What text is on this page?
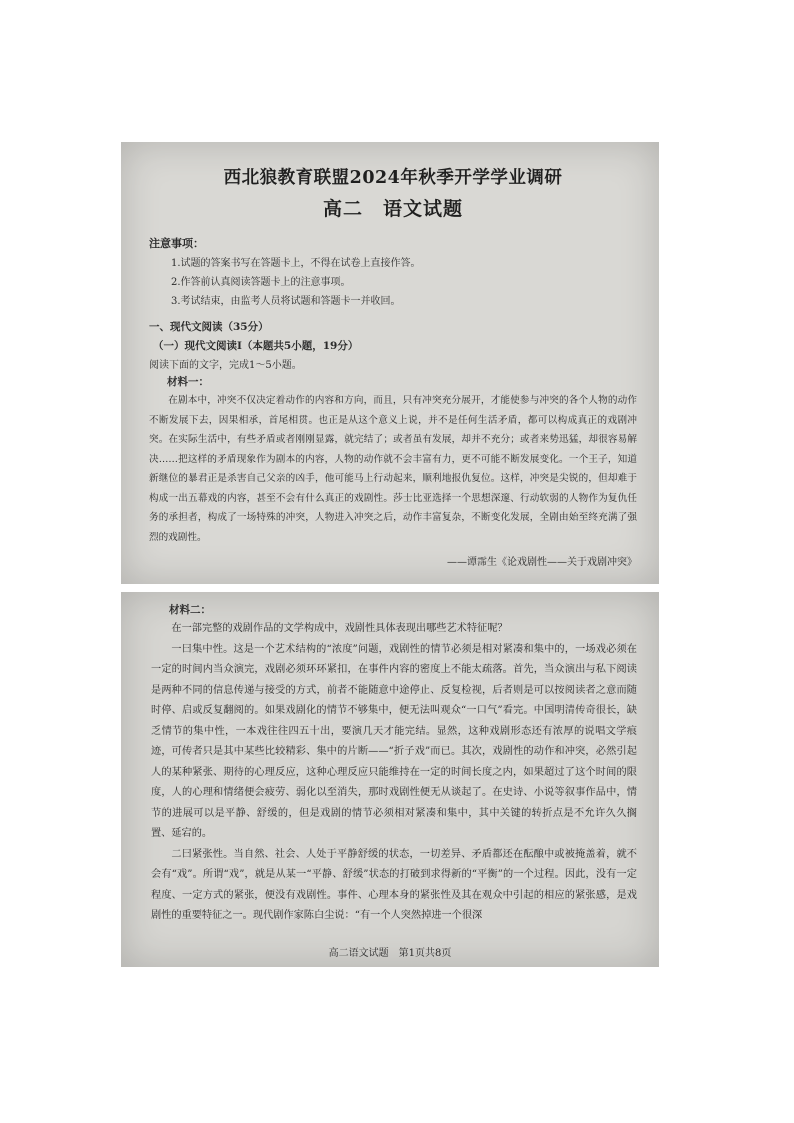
西北狼教育联盟2024年秋季开学学业调研
高二　语文试题

注意事项：

1.试题的答案书写在答题卡上，不得在试卷上直接作答。

2.作答前认真阅读答题卡上的注意事项。

3.考试结束，由监考人员将试题和答题卡一并收回。

一、现代文阅读（35分）

（一）现代文阅读Ⅰ（本题共5小题，19分）

阅读下面的文字，完成1～5小题。

材料一：

在剧本中，冲突不仅决定着动作的内容和方向，而且，只有冲突充分展开，才能使参与冲突的各个人物的动作不断发展下去，因果相承，首尾相贯。也正是从这个意义上说，并不是任何生活矛盾，都可以构成真正的戏剧冲突。在实际生活中，有些矛盾或者刚刚显露，就完结了；或者虽有发展，却并不充分；或者来势迅猛，却很容易解决……把这样的矛盾现象作为剧本的内容，人物的动作就不会丰富有力，更不可能不断发展变化。一个王子，知道新继位的暴君正是杀害自己父亲的凶手，他可能马上行动起来，顺利地报仇复位。这样，冲突是尖锐的，但却难于构成一出五幕戏的内容，甚至不会有什么真正的戏剧性。莎士比亚选择一个思想深邃、行动软弱的人物作为复仇任务的承担者，构成了一场特殊的冲突，人物进入冲突之后，动作丰富复杂，不断变化发展，全剧由始至终充满了强烈的戏剧性。

——谭霈生《论戏剧性——关于戏剧冲突》

材料二：

在一部完整的戏剧作品的文学构成中，戏剧性具体表现出哪些艺术特征呢？

一曰集中性。这是一个艺术结构的“浓度”问题，戏剧性的情节必须是相对紧凑和集中的，一场戏必须在一定的时间内当众演完，戏剧必须环环紧扣，在事件内容的密度上不能太疏落。首先，当众演出与私下阅读是两种不同的信息传递与接受的方式，前者不能随意中途停止、反复检视，后者则是可以按阅读者之意而随时停、启或反复翻阅的。如果戏剧化的情节不够集中，便无法叫观众“一口气”看完。中国明清传奇很长，缺乏情节的集中性，一本戏往往四五十出，要演几天才能完结。显然，这种戏剧形态还有浓厚的说唱文学痕迹，可传者只是其中某些比较精彩、集中的片断——“折子戏”而已。其次，戏剧性的动作和冲突，必然引起人的某种紧张、期待的心理反应，这种心理反应只能维持在一定的时间长度之内，如果超过了这个时间的限度，人的心理和情绪便会疲劳、弱化以至消失，那时戏剧性便无从谈起了。在史诗、小说等叙事作品中，情节的进展可以是平静、舒缓的，但是戏剧的情节必须相对紧凑和集中，其中关键的转折点是不允许久久搁置、延宕的。

二曰紧张性。当自然、社会、人处于平静舒缓的状态，一切差异、矛盾都还在酝酿中或被掩盖着，就不会有“戏”。所谓“戏”，就是从某一“平静、舒缓”状态的打破到求得新的“平衡”的一个过程。因此，没有一定程度、一定方式的紧张，便没有戏剧性。事件、心理本身的紧张性及其在观众中引起的相应的紧张感，是戏剧性的重要特征之一。现代剧作家陈白尘说：“有一个人突然掉进一个很深

高二语文试题　第1页共8页
